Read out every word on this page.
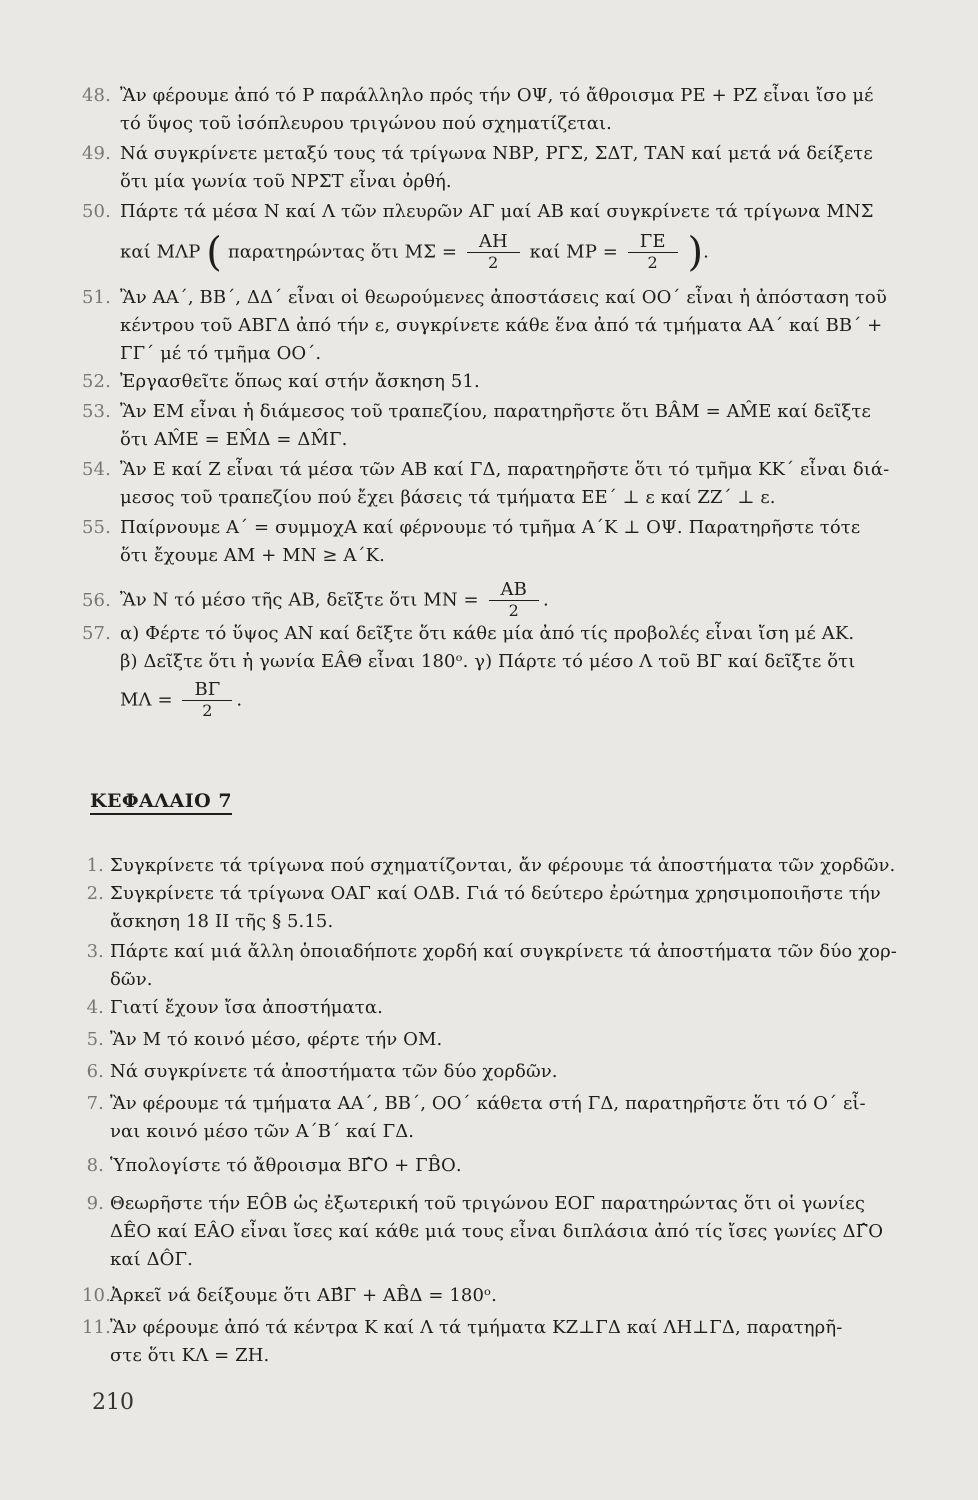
48. Ἂν φέρουμε ἀπό τό Ρ παράλληλο πρός τήν ΟΨ, τό ἄθροισμα ΡΕ + ΡΖ εἶναι ἴσο μέ
τό ὕψος τοῦ ἰσόπλευρου τριγώνου πού σχηματίζεται.
49. Νά συγκρίνετε μεταξύ τους τά τρίγωνα ΝΒΡ, ΡΓΣ, ΣΔΤ, ΤΑΝ καί μετά νά δείξετε
ὅτι μία γωνία τοῦ ΝΡΣΤ εἶναι ὀρθή.
50. Πάρτε τά μέσα Ν καί Λ τῶν πλευρῶν ΑΓ μαί ΑΒ καί συγκρίνετε τά τρίγωνα ΜΝΣ
καί ΜΛΡ ( παρατηρώντας ὅτι $M\Sigma = \frac{AH}{2}$ καί $MP = \frac{\Gamma E}{2}$ ).
51. Ἂν ΑΑ΄, ΒΒ΄, ΔΔ΄ εἶναι οἱ θεωρούμενες ἀποστάσεις καί ΟΟ΄ εἶναι ἡ ἀπόσταση τοῦ
κέντρου τοῦ ΑΒΓΔ ἀπό τήν ε, συγκρίνετε κάθε ἕνα ἀπό τά τμήματα ΑΑ΄ καί ΒΒ΄ +
ΓΓ΄ μέ τό τμῆμα ΟΟ΄.
52. Ἐργασθεῖτε ὅπως καί στήν ἄσκηση 51.
53. Ἂν ΕΜ εἶναι ἡ διάμεσος τοῦ τραπεζίου, παρατηρῆστε ὅτι ΒÂΜ = ΑM̂Ε καί δεῖξτε
ὅτι ΑM̂Ε = ΕM̂Δ = ΔM̂Γ.
54. Ἂν Ε καί Ζ εἶναι τά μέσα τῶν ΑΒ καί ΓΔ, παρατηρῆστε ὅτι τό τμῆμα ΚΚ΄ εἶναι διά-
μεσος τοῦ τραπεζίου πού ἔχει βάσεις τά τμήματα ΕΕ΄ ⊥ ε καί ΖΖ΄ ⊥ ε.
55. Παίρνουμε Α΄ = συμμοχΑ καί φέρνουμε τό τμῆμα Α΄Κ ⊥ ΟΨ. Παρατηρῆστε τότε
ὅτι ἔχουμε ΑΜ + ΜΝ ≥ Α΄Κ.
56. Ἂν Ν τό μέσο τῆς ΑΒ, δεῖξτε ὅτι $MN = \frac{AB}{2}$ .
57. α) Φέρτε τό ὕψος ΑΝ καί δεῖξτε ὅτι κάθε μία ἀπό τίς προβολές εἶναι ἴση μέ ΑΚ.
β) Δεῖξτε ὅτι ἡ γωνία ΕÂΘ εἶναι 180ᵒ. γ) Πάρτε τό μέσο Λ τοῦ ΒΓ καί δεῖξτε ὅτι
$M\Lambda = \frac{B\Gamma}{2}$ .
ΚΕΦΑΛΑΙΟ 7
1. Συγκρίνετε τά τρίγωνα πού σχηματίζονται, ἄν φέρουμε τά ἀποστήματα τῶν χορδῶν.
2. Συγκρίνετε τά τρίγωνα ΟΑΓ καί ΟΔΒ. Γιά τό δεύτερο ἐρώτημα χρησιμοποιῆστε τήν
ἄσκηση 18 ΙΙ τῆς § 5.15.
3. Πάρτε καί μιά ἄλλη ὁποιαδήποτε χορδή καί συγκρίνετε τά ἀποστήματα τῶν δύο χορ-
δῶν.
4. Γιατί ἔχουν ἴσα ἀποστήματα.
5. Ἂν Μ τό κοινό μέσο, φέρτε τήν ΟΜ.
6. Νά συγκρίνετε τά ἀποστήματα τῶν δύο χορδῶν.
7. Ἂν φέρουμε τά τμήματα ΑΑ΄, ΒΒ΄, ΟΟ΄ κάθετα στή ΓΔ, παρατηρῆστε ὅτι τό Ο΄ εἶ-
ναι κοινό μέσο τῶν Α΄Β΄ καί ΓΔ.
8. Ὑπολογίστε τό ἄθροισμα ΒΓ̂Ο + ΓB̂Ο.
9. Θεωρῆστε τήν ΕÔΒ ὡς ἐξωτερική τοῦ τριγώνου ΕΟΓ παρατηρώντας ὅτι οἱ γωνίες
ΔÊΟ καί ΕÂΟ εἶναι ἴσες καί κάθε μιά τους εἶναι διπλάσια ἀπό τίς ἴσες γωνίες ΔΓ̂Ο
καί ΔÔΓ.
10.Ἀρκεῖ νά δείξουμε ὅτι ΑΒ̂Γ + ΑB̂Δ = 180ᵒ.
11.Ἂν φέρουμε ἀπό τά κέντρα Κ καί Λ τά τμήματα ΚΖ⊥ΓΔ καί ΛΗ⊥ΓΔ, παρατηρῆ-
στε ὅτι ΚΛ = ΖΗ.
210
